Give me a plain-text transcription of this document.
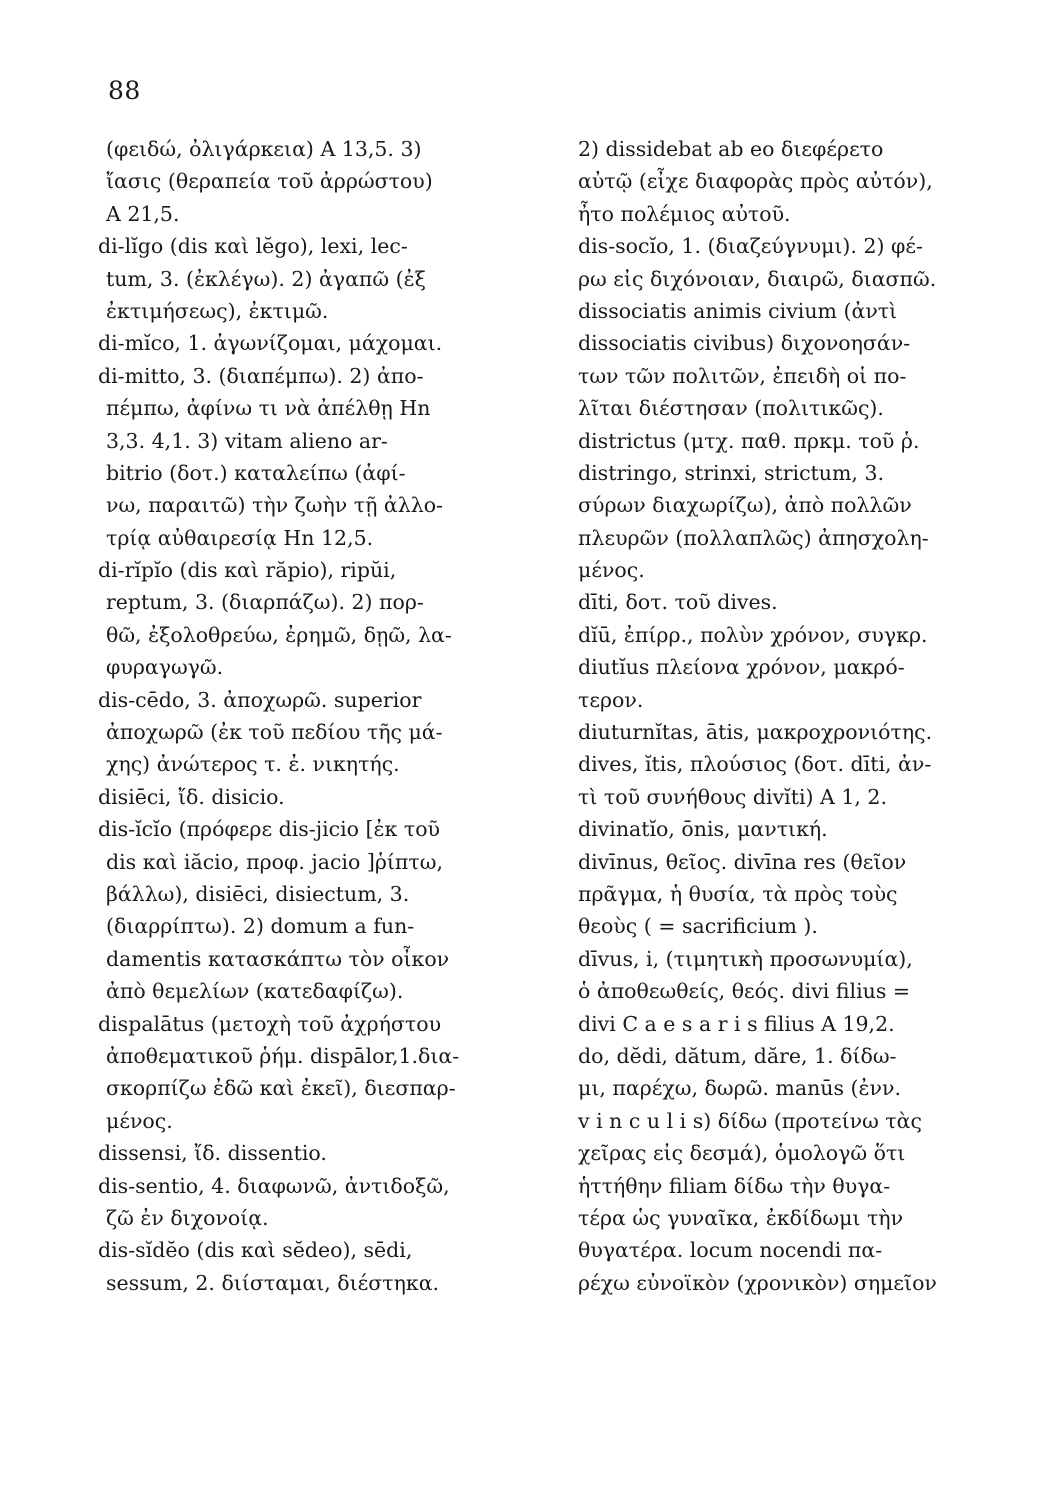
88
(φειδώ, ὀλιγάρκεια) Α 13,5. 3)
ἴασις (θεραπεία τοῦ ἀρρώστου)
Α 21,5.
di-lĭgo (dis καὶ lĕgo), lexi, lec-
tum, 3. (ἐκλέγω). 2) ἀγαπῶ (ἐξ
ἐκτιμήσεως), ἐκτιμῶ.
di-mĭco, 1. ἀγωνίζομαι, μάχομαι.
di-mitto, 3. (διαπέμπω). 2) ἀπο-
πέμπω, ἀφίνω τι νὰ ἀπέλθῃ Hn
3,3. 4,1. 3) vitam alieno ar-
bitrio (δοτ.) καταλείπω (ἀφί-
νω, παραιτῶ) τὴν ζωὴν τῇ ἀλλο-
τρίᾳ αὐθαιρεσίᾳ Hn 12,5.
di-rĭpĭo (dis καὶ răpio), ripŭi,
reptum, 3. (διαρπάζω). 2) πορ-
θῶ, ἐξολοθρεύω, ἐρημῶ, δῃῶ, λα-
φυραγωγῶ.
dis-cēdo, 3. ἀποχωρῶ. superior
ἀποχωρῶ (ἐκ τοῦ πεδίου τῆς μά-
χης) ἀνώτερος τ. ἐ. νικητής.
disiēci, ἴδ. disicio.
dis-ĭcĭo (πρόφερε dis-jicio [ἐκ τοῦ
dis καὶ iăcio, προφ. jacio ]ῥίπτω,
βάλλω), disiēci, disiectum, 3.
(διαρρίπτω). 2) domum a fun-
damentis κατασκάπτω τὸν οἶκον
ἀπὸ θεμελίων (κατεδαφίζω).
dispalātus (μετοχὴ τοῦ ἀχρήστου
ἀποθεματικοῦ ῥήμ. dispālor,1.δια-
σκορπίζω ἐδῶ καὶ ἐκεῖ), διεσπαρ-
μένος.
dissensi, ἴδ. dissentio.
dis-sentio, 4. διαφωνῶ, ἀντιδοξῶ,
ζῶ ἐν διχονοίᾳ.
dis-sĭdĕo (dis καὶ sĕdeo), sēdi,
sessum, 2. διίσταμαι, διέστηκα.
2) dissidebat ab eo διεφέρετο
αὐτῷ (εἶχε διαφορὰς πρὸς αὐτόν),
ἦτο πολέμιος αὐτοῦ.
dis-socĭo, 1. (διαζεύγνυμι). 2) φέ-
ρω εἰς διχόνοιαν, διαιρῶ, διασπῶ.
dissociatis animis civium (ἀντὶ
dissociatis civibus) διχονοησάν-
των τῶν πολιτῶν, ἐπειδὴ οἱ πο-
λῖται διέστησαν (πολιτικῶς).
districtus (μτχ. παθ. πρκμ. τοῦ ῥ.
distringo, strinxi, strictum, 3.
σύρων διαχωρίζω), ἀπὸ πολλῶν
πλευρῶν (πολλαπλῶς) ἀπησχολη-
μένος.
dīti, δοτ. τοῦ dives.
dĭū, ἐπίρρ., πολὺν χρόνον, συγκρ.
diutĭus πλείονα χρόνον, μακρό-
τερον.
diuturnĭtas, ātis, μακροχρονιότης.
dives, ĭtis, πλούσιος (δοτ. dīti, ἀν-
τὶ τοῦ συνήθους divĭti) Α 1, 2.
divinatĭo, ōnis, μαντική.
divīnus, θεῖος. divīna res (θεῖον
πρᾶγμα, ἡ θυσία, τὰ πρὸς τοὺς
θεοὺς ( = sacrificium ).
dīvus, i, (τιμητικὴ προσωνυμία),
ὁ ἀποθεωθείς, θεός. divi filius =
divi C a e s a r i s filius Α 19,2.
do, dĕdi, dătum, dăre, 1. δίδω-
μι, παρέχω, δωρῶ. manūs (ἐνν.
v i n c u l i s) δίδω (προτείνω τὰς
χεῖρας εἰς δεσμά), ὁμολογῶ ὅτι
ἡττήθην filiam δίδω τὴν θυγα-
τέρα ὡς γυναῖκα, ἐκδίδωμι τὴν
θυγατέρα. locum nocendi πα-
ρέχω εὐνοϊκὸν (χρονικὸν) σημεῖον
